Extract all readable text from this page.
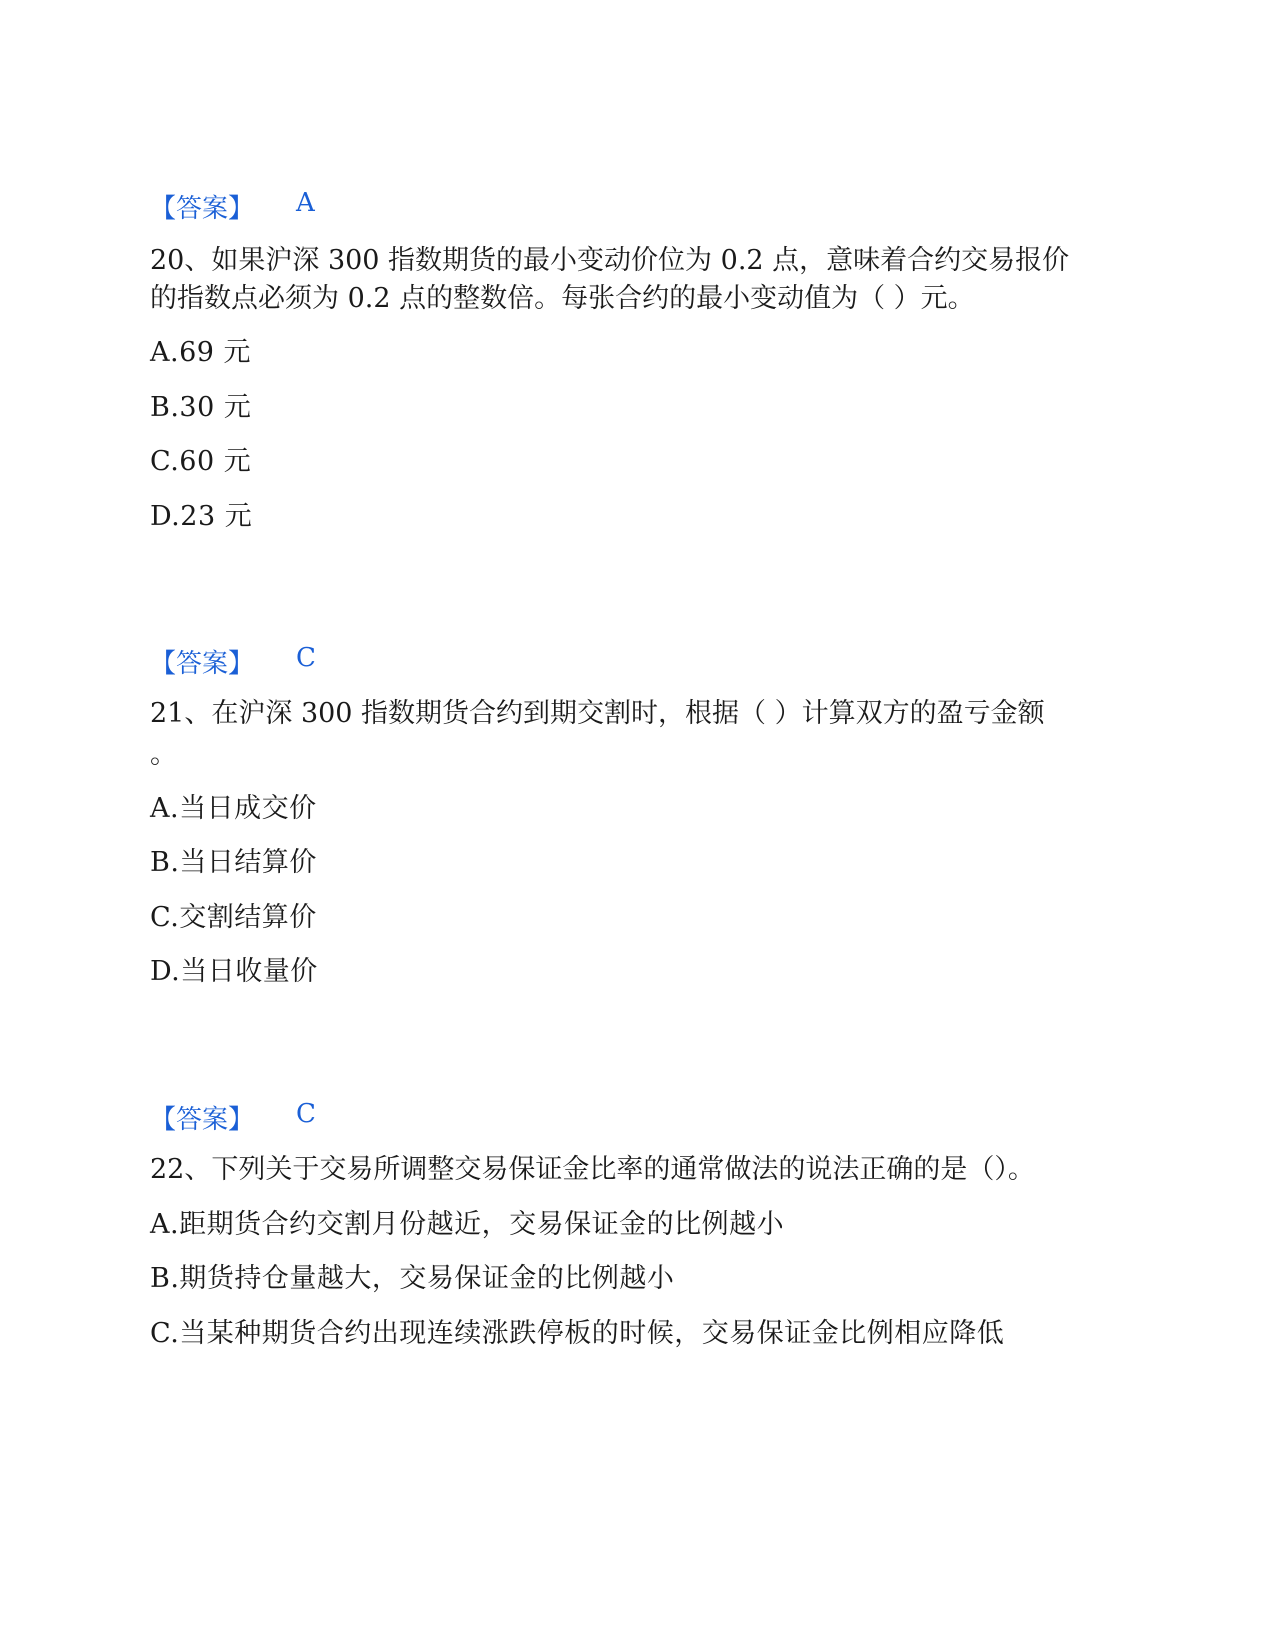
【答案】 A
20、如果沪深 300 指数期货的最小变动价位为 0.2 点，意味着合约交易报价
的指数点必须为 0.2 点的整数倍。每张合约的最小变动值为（ ）元。
A.69 元
B.30 元
C.60 元
D.23 元
【答案】 C
21、在沪深 300 指数期货合约到期交割时，根据（ ）计算双方的盈亏金额
。
A.当日成交价
B.当日结算价
C.交割结算价
D.当日收量价
【答案】 C
22、下列关于交易所调整交易保证金比率的通常做法的说法正确的是（）。
A.距期货合约交割月份越近，交易保证金的比例越小
B.期货持仓量越大，交易保证金的比例越小
C.当某种期货合约出现连续涨跌停板的时候，交易保证金比例相应降低
